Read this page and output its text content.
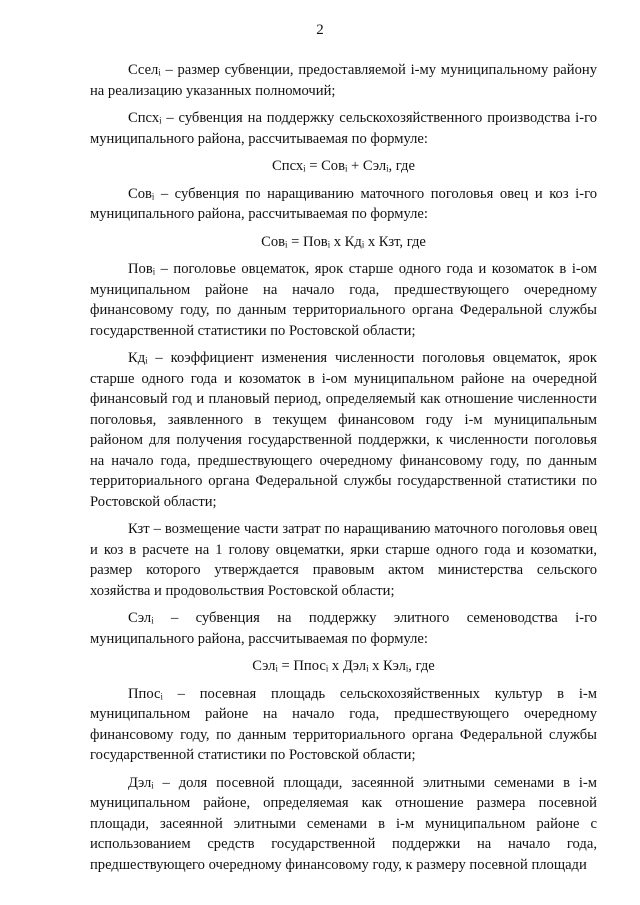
2

Сселᵢ – размер субвенции, предоставляемой i-му муниципальному району на реализацию указанных полномочий;

Спсхᵢ – субвенция на поддержку сельскохозяйственного производства i-го муниципального района, рассчитываемая по формуле:

Спсхᵢ = Совᵢ + Сэлᵢ, где

Совᵢ – субвенция по наращиванию маточного поголовья овец и коз i-го муниципального района, рассчитываемая по формуле:

Совᵢ = Повᵢ х Кдᵢ х Кзт, где

Повᵢ – поголовье овцематок, ярок старше одного года и козоматок в i-ом муниципальном районе на начало года, предшествующего очередному финансовому году, по данным территориального органа Федеральной службы государственной статистики по Ростовской области;

Кдᵢ – коэффициент изменения численности поголовья овцематок, ярок старше одного года и козоматок в i-ом муниципальном районе на очередной финансовый год и плановый период, определяемый как отношение численности поголовья, заявленного в текущем финансовом году i-м муниципальным районом для получения государственной поддержки, к численности поголовья на начало года, предшествующего очередному финансовому году, по данным территориального органа Федеральной службы государственной статистики по Ростовской области;

Кзт – возмещение части затрат по наращиванию маточного поголовья овец и коз в расчете на 1 голову овцематки, ярки старше одного года и козоматки, размер которого утверждается правовым актом министерства сельского хозяйства и продовольствия Ростовской области;

Сэлᵢ – субвенция на поддержку элитного семеноводства i-го муниципального района, рассчитываемая по формуле:

Сэлᵢ = Ппосᵢ х Дэлᵢ х Кэлᵢ, где

Ппосᵢ – посевная площадь сельскохозяйственных культур в i-м муниципальном районе на начало года, предшествующего очередному финансовому году, по данным территориального органа Федеральной службы государственной статистики по Ростовской области;

Дэлᵢ – доля посевной площади, засеянной элитными семенами в i-м муниципальном районе, определяемая как отношение размера посевной площади, засеянной элитными семенами в i-м муниципальном районе с использованием средств государственной поддержки на начало года, предшествующего очередному финансовому году, к размеру посевной площади
